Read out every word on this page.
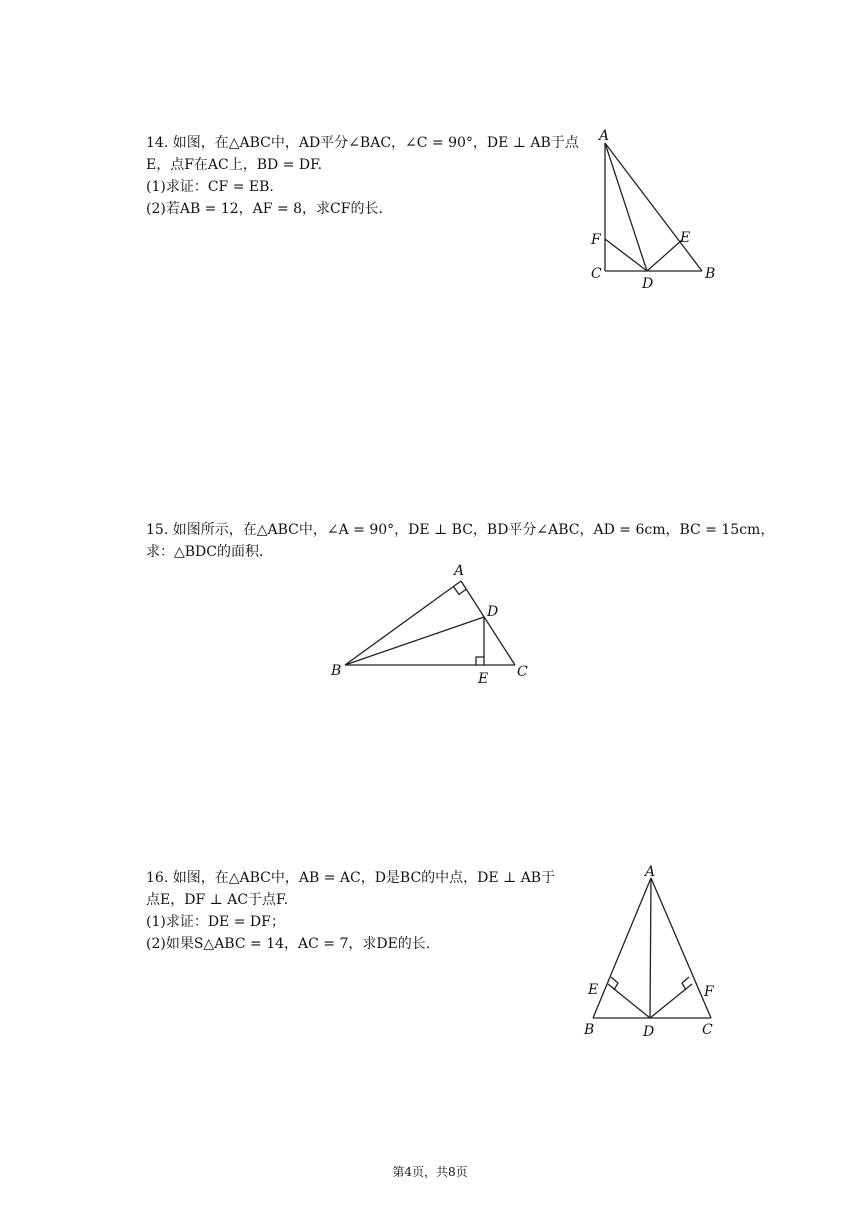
14. 如图，在△ABC中，AD平分∠BAC，∠C = 90°，DE ⊥ AB于点
E，点F在AC上，BD = DF.
(1)求证：CF = EB.
(2)若AB = 12，AF = 8，求CF的长.
A
F	E
C
D
B
15. 如图所示，在△ABC中，∠A = 90°，DE ⊥ BC，BD平分∠ABC，AD = 6cm，BC = 15cm，
求：△BDC的面积.
A
D
B	C
E
16. 如图，在△ABC中，AB = AC，D是BC的中点，DE ⊥ AB于
点E，DF ⊥ AC于点F.
(1)求证：DE = DF；
(2)如果S△ABC = 14，AC = 7，求DE的长.
A
E	F
B	D	C
第4页，共8页
